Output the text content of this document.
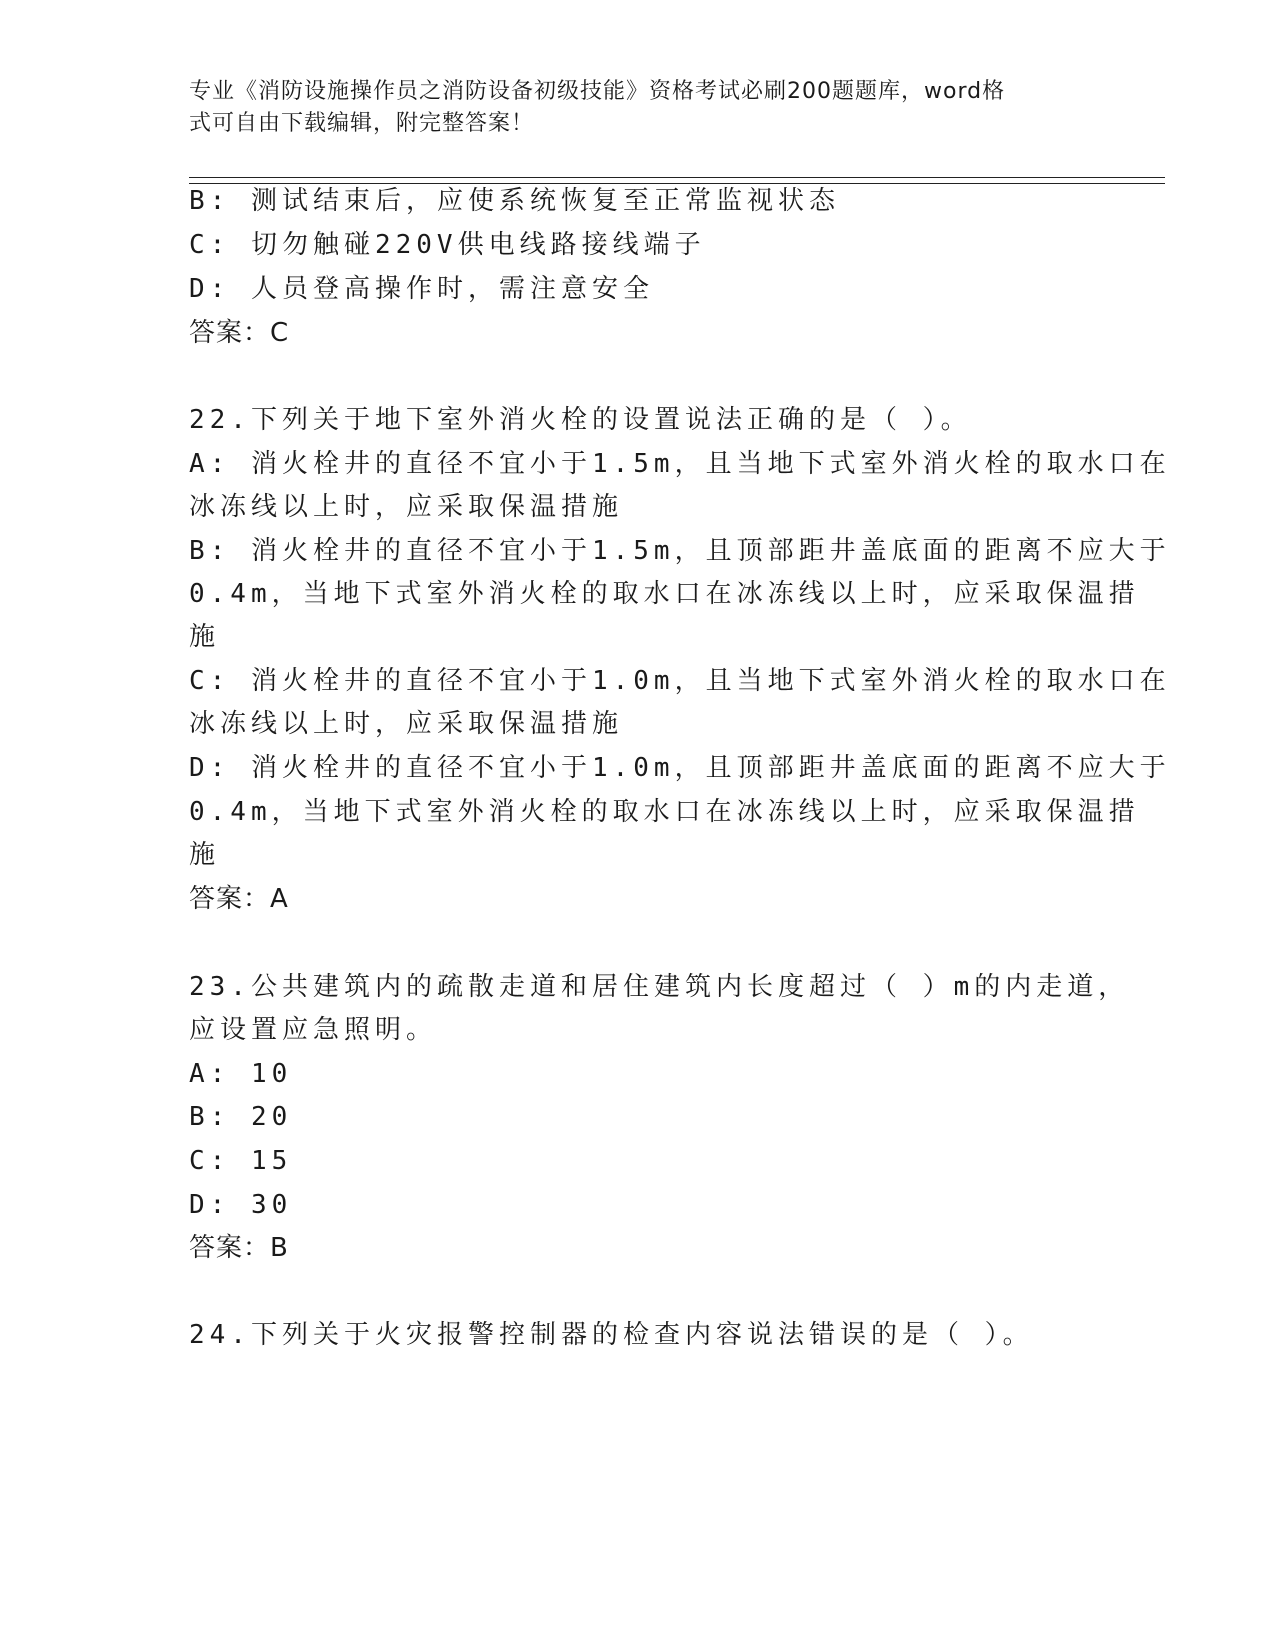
专业《消防设施操作员之消防设备初级技能》资格考试必刷200题题库，word格
式可自由下载编辑，附完整答案！
B: 测试结束后，应使系统恢复至正常监视状态
C: 切勿触碰220V供电线路接线端子
D: 人员登高操作时，需注意安全
答案：C
22.下列关于地下室外消火栓的设置说法正确的是（ ）。
A: 消火栓井的直径不宜小于1.5m，且当地下式室外消火栓的取水口在
冰冻线以上时，应采取保温措施
B: 消火栓井的直径不宜小于1.5m，且顶部距井盖底面的距离不应大于
0.4m，当地下式室外消火栓的取水口在冰冻线以上时，应采取保温措
施
C: 消火栓井的直径不宜小于1.0m，且当地下式室外消火栓的取水口在
冰冻线以上时，应采取保温措施
D: 消火栓井的直径不宜小于1.0m，且顶部距井盖底面的距离不应大于
0.4m，当地下式室外消火栓的取水口在冰冻线以上时，应采取保温措
施
答案：A
23.公共建筑内的疏散走道和居住建筑内长度超过（ ）m的内走道，
应设置应急照明。
A: 10
B: 20
C: 15
D: 30
答案：B
24.下列关于火灾报警控制器的检查内容说法错误的是（ ）。
